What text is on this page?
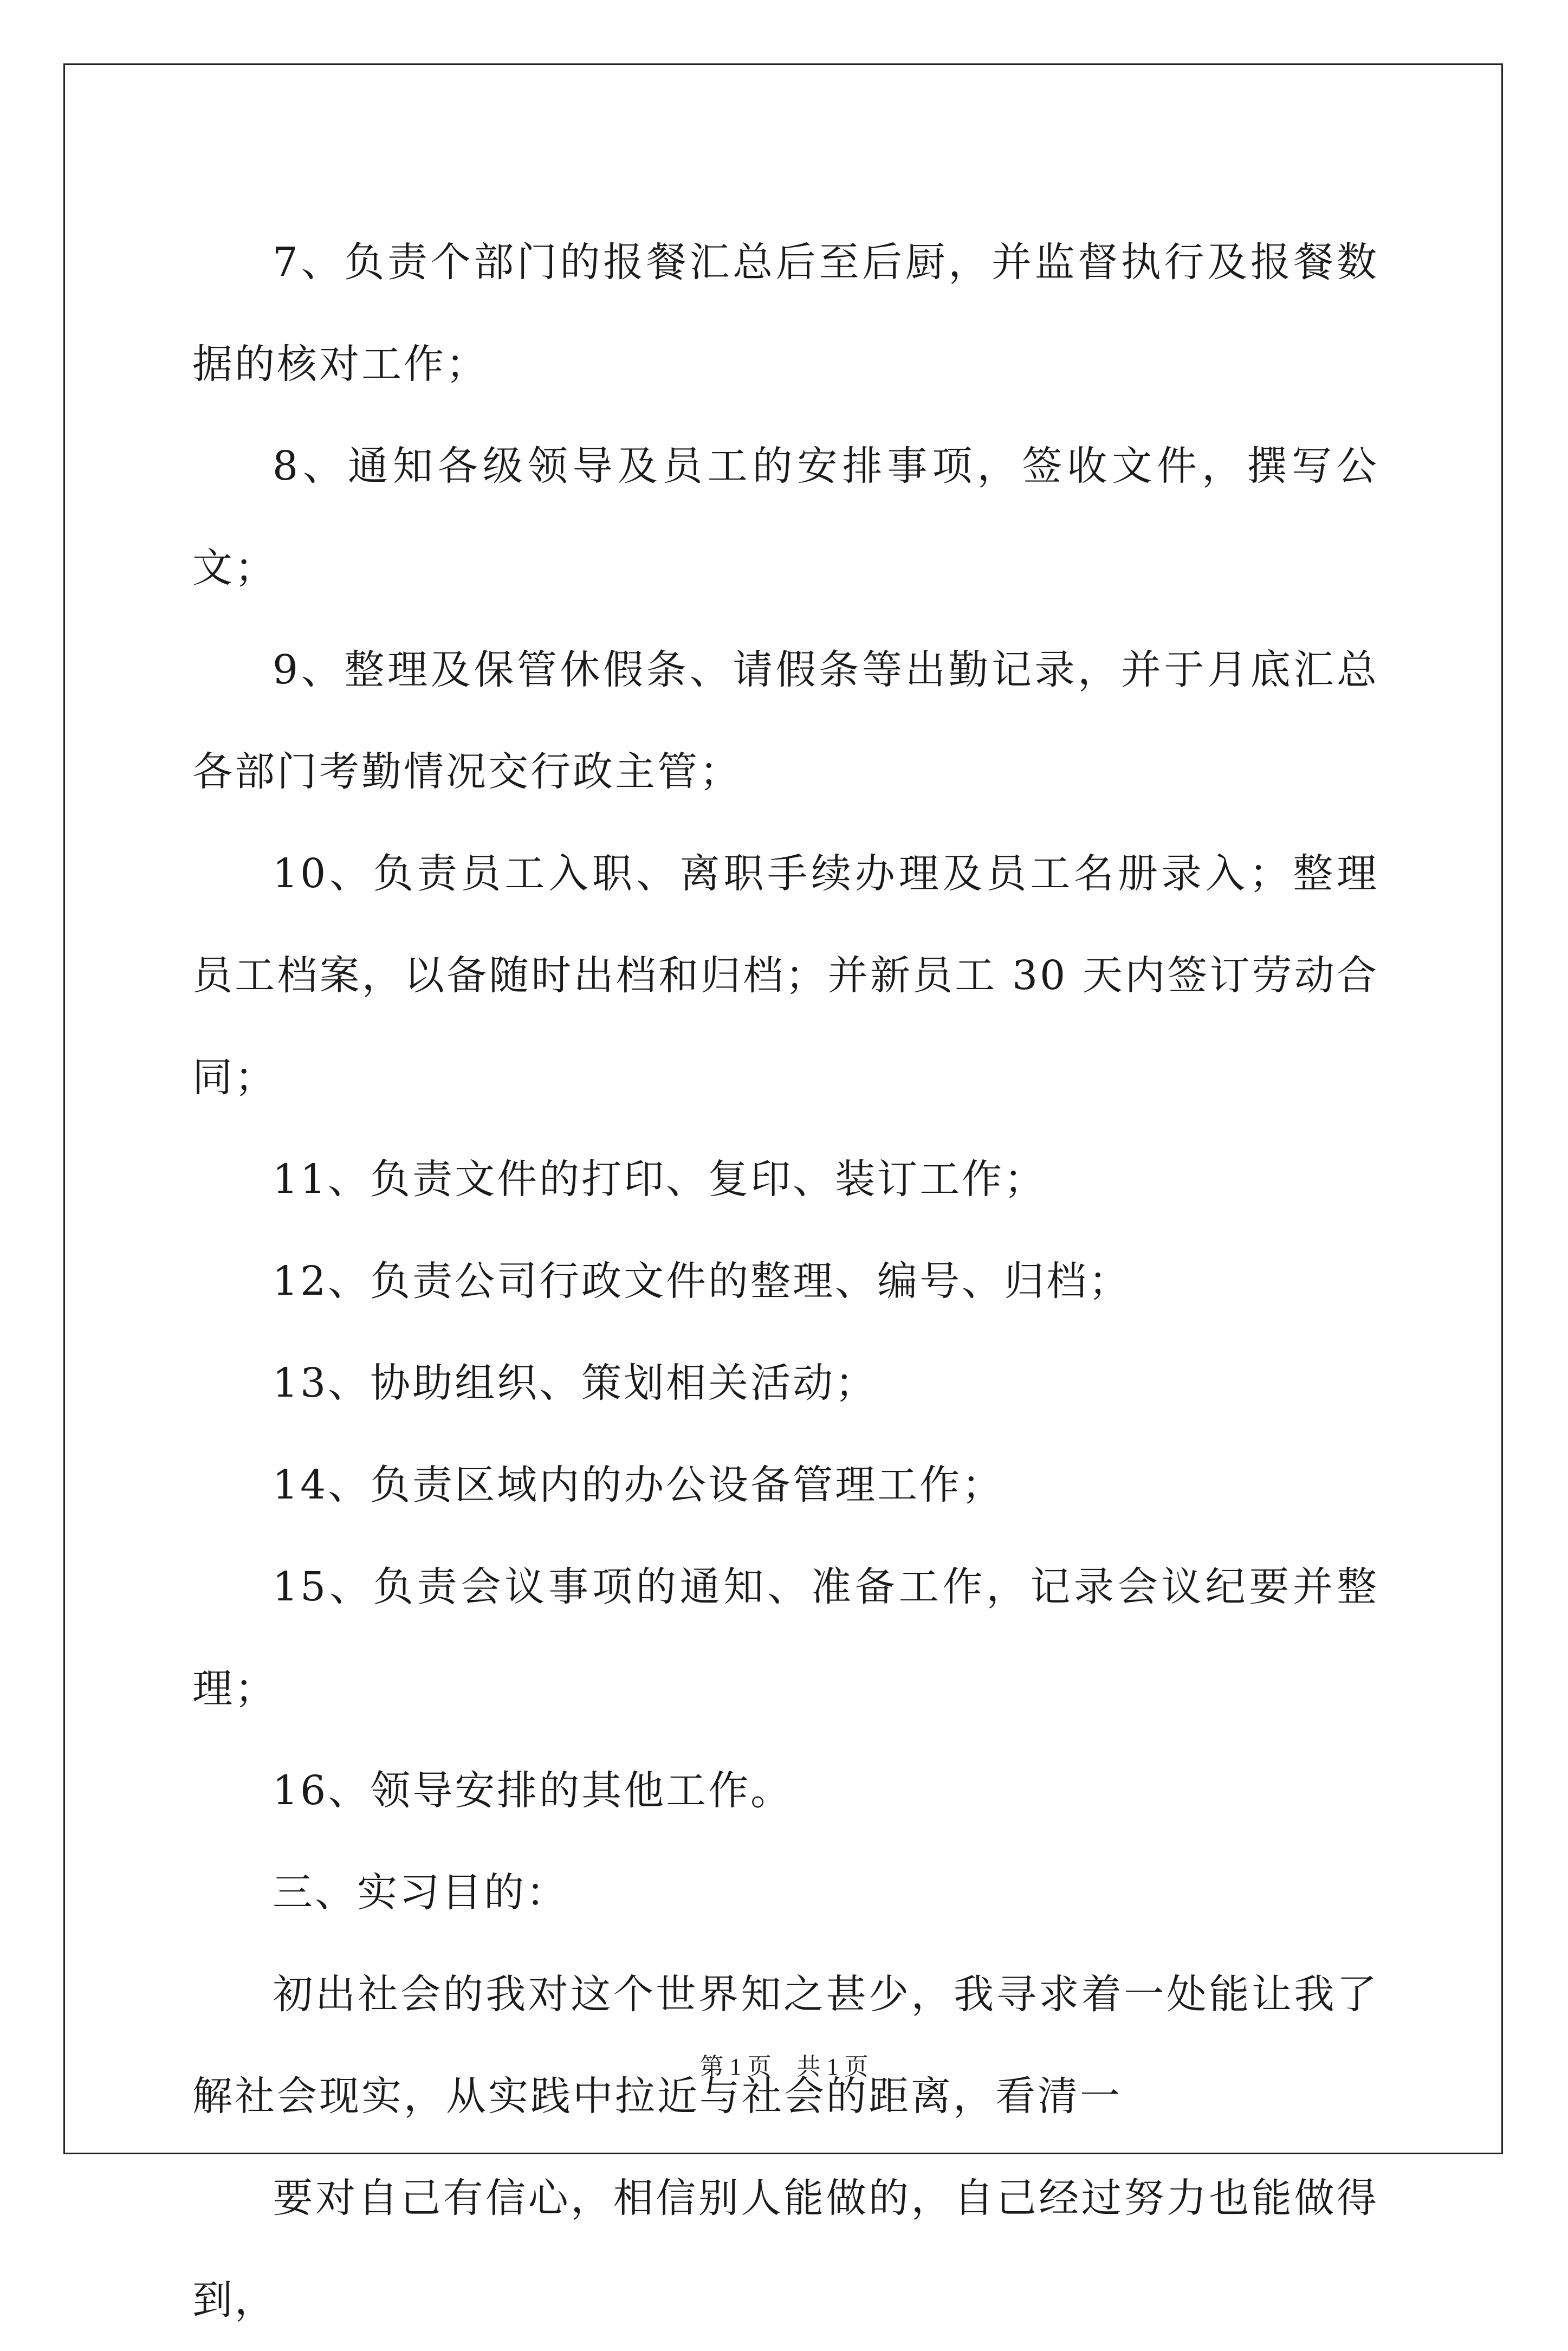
7、负责个部门的报餐汇总后至后厨，并监督执行及报餐数据的核对工作；

8、通知各级领导及员工的安排事项，签收文件，撰写公文；

9、整理及保管休假条、请假条等出勤记录，并于月底汇总各部门考勤情况交行政主管；

10、负责员工入职、离职手续办理及员工名册录入；整理员工档案，以备随时出档和归档；并新员工 30 天内签订劳动合同；

11、负责文件的打印、复印、装订工作；

12、负责公司行政文件的整理、编号、归档；

13、协助组织、策划相关活动；

14、负责区域内的办公设备管理工作；

15、负责会议事项的通知、准备工作，记录会议纪要并整理；

16、领导安排的其他工作。

三、实习目的：

初出社会的我对这个世界知之甚少，我寻求着一处能让我了解社会现实，从实践中拉近与社会的距离，看清一

要对自己有信心，相信别人能做的，自己经过努力也能做得到，

第 1 页 共 1 页
